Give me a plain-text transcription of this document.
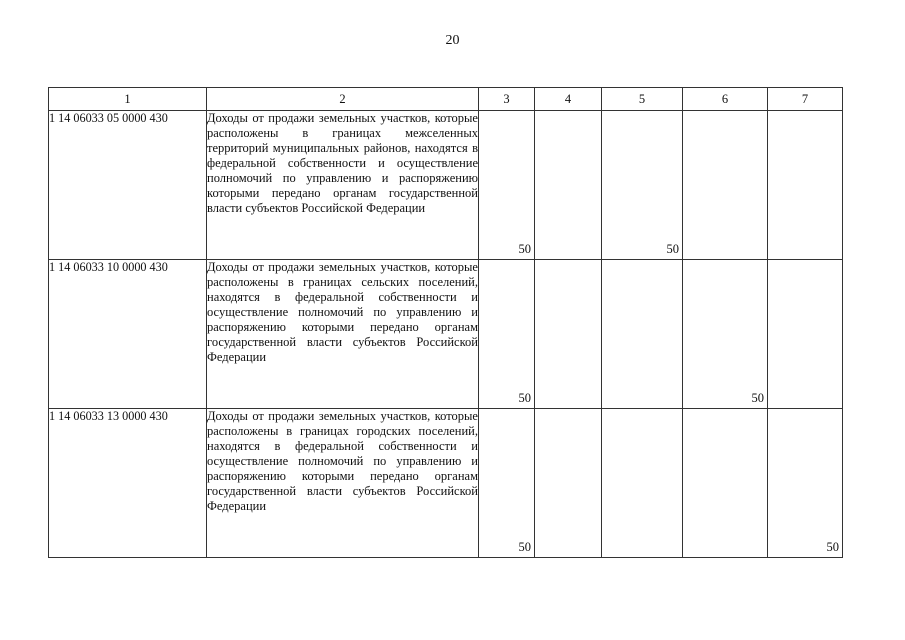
20
1	2	3	4	5	6	7
1 14 06033 05 0000 430	Доходы от продажи земельных участков, которые расположены в границах межселенных территорий муниципальных районов, находятся в федеральной собственности и осуществление полномочий по управлению и распоряжению которыми передано органам государственной власти субъектов Российской Федерации	50		50		

1 14 06033 10 0000 430	Доходы от продажи земельных участков, которые расположены в границах сельских поселений, находятся в федеральной собственности и осуществление полномочий по управлению и распоряжению которыми передано органам государственной власти субъектов Российской Федерации	50			50	

1 14 06033 13 0000 430	Доходы от продажи земельных участков, которые расположены в границах городских поселений, находятся в федеральной собственности и осуществление полномочий по управлению и распоряжению которыми передано органам государственной власти субъектов Российской Федерации	50				50
